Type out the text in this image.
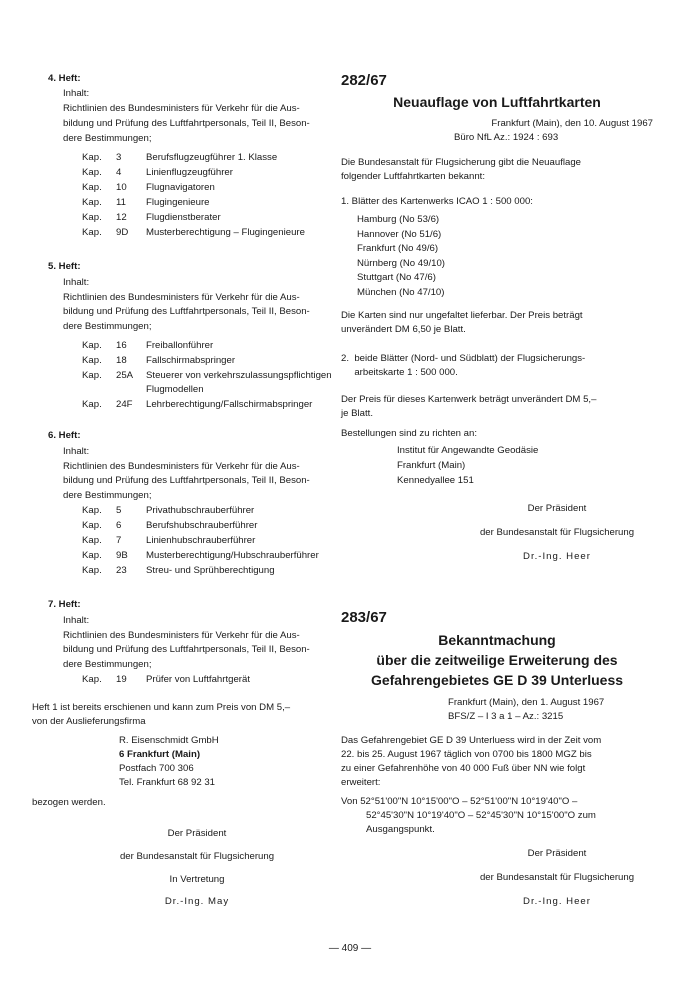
4. Heft:
Inhalt:
Richtlinien des Bundesministers für Verkehr für die Aus-
bildung und Prüfung des Luftfahrtpersonals, Teil II, Beson-
dere Bestimmungen;
Kap.	3	Berufsflugzeugführer 1. Klasse
Kap.	4	Linienflugzeugführer
Kap.	10	Flugnavigatoren
Kap.	11	Flugingenieure
Kap.	12	Flugdienstberater
Kap.	9D	Musterberechtigung – Flugingenieure
5. Heft:
Inhalt:
Richtlinien des Bundesministers für Verkehr für die Aus-
bildung und Prüfung des Luftfahrtpersonals, Teil II, Beson-
dere Bestimmungen;
Kap.	16	Freiballonführer
Kap.	18	Fallschirmabspringer
Kap.	25A	Steuerer von verkehrszulassungspflichtigen
Flugmodellen
Kap.	24F	Lehrberechtigung/Fallschirmabspringer
6. Heft:
Inhalt:
Richtlinien des Bundesministers für Verkehr für die Aus-
bildung und Prüfung des Luftfahrtpersonals, Teil II, Beson-
dere Bestimmungen;
Kap.	5	Privathubschrauberführer
Kap.	6	Berufshubschrauberführer
Kap.	7	Linienhubschrauberführer
Kap.	9B	Musterberechtigung/Hubschrauberführer
Kap.	23	Streu- und Sprühberechtigung
7. Heft:
Inhalt:
Richtlinien des Bundesministers für Verkehr für die Aus-
bildung und Prüfung des Luftfahrtpersonals, Teil II, Beson-
dere Bestimmungen;
Kap.	19	Prüfer von Luftfahrtgerät
Heft 1 ist bereits erschienen und kann zum Preis von DM 5,–
von der Auslieferungsfirma
R. Eisenschmidt GmbH
6 Frankfurt (Main)
Postfach 700 306
Tel. Frankfurt 68 92 31
bezogen werden.
Der Präsident
der Bundesanstalt für Flugsicherung
In Vertretung
Dr.-Ing. May
282/67
Neuauflage von Luftfahrtkarten
Frankfurt (Main), den 10. August 1967
Büro NfL Az.: 1924 : 693
Die Bundesanstalt für Flugsicherung gibt die Neuauflage
folgender Luftfahrtkarten bekannt:
1. Blätter des Kartenwerks ICAO 1 : 500 000:
Hamburg (No 53/6)
Hannover (No 51/6)
Frankfurt (No 49/6)
Nürnberg (No 49/10)
Stuttgart (No 47/6)
München (No 47/10)
Die Karten sind nur ungefaltet lieferbar. Der Preis beträgt
unverändert DM 6,50 je Blatt.
2.  beide Blätter (Nord- und Südblatt) der Flugsicherungs-
arbeitskarte 1 : 500 000.
Der Preis für dieses Kartenwerk beträgt unverändert DM 5,–
je Blatt.
Bestellungen sind zu richten an:
Institut für Angewandte Geodäsie
Frankfurt (Main)
Kennedyallee 151
Der Präsident
der Bundesanstalt für Flugsicherung
Dr.-Ing. Heer
283/67
Bekanntmachung
über die zeitweilige Erweiterung des
Gefahrengebietes GE D 39 Unterluess
Frankfurt (Main), den 1. August 1967
BFS/Z – I 3 a 1 – Az.: 3215
Das Gefahrengebiet GE D 39 Unterluess wird in der Zeit vom
22. bis 25. August 1967 täglich von 0700 bis 1800 MGZ bis
zu einer Gefahrenhöhe von 40 000 Fuß über NN wie folgt
erweitert:
Von 52°51'00"N 10°15'00"O – 52°51'00"N 10°19'40"O –
52°45'30"N 10°19'40"O – 52°45'30"N 10°15'00"O zum
Ausgangspunkt.
Der Präsident
der Bundesanstalt für Flugsicherung
Dr.-Ing. Heer
— 409 —
